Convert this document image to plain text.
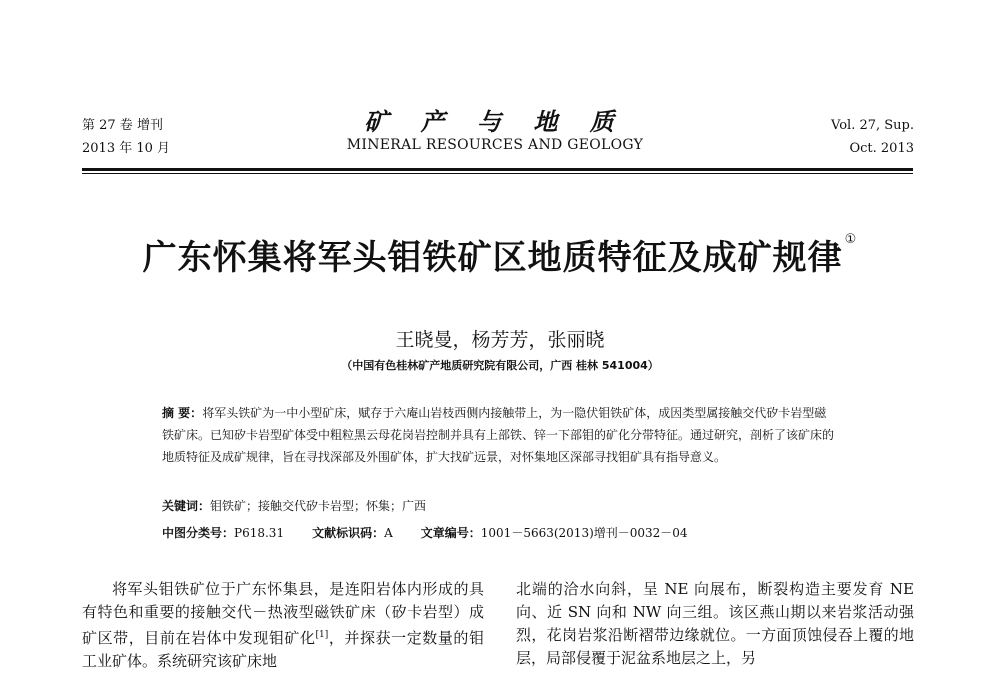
第 27 卷 增刊
2013 年 10 月
矿 产 与 地 质
MINERAL RESOURCES AND GEOLOGY
Vol. 27, Sup.
Oct. 2013
广东怀集将军头钼铁矿区地质特征及成矿规律 ①
王晓曼，杨芳芳，张丽晓
（中国有色桂林矿产地质研究院有限公司，广西 桂林 541004）
摘 要：将军头铁矿为一中小型矿床，赋存于六庵山岩枝西侧内接触带上，为一隐伏钼铁矿体，成因类型属接触交代矽卡岩型磁铁矿床。已知矽卡岩型矿体受中粗粒黑云母花岗岩控制并具有上部铁、锌一下部钼的矿化分带特征。通过研究，剖析了该矿床的地质特征及成矿规律，旨在寻找深部及外围矿体，扩大找矿远景，对怀集地区深部寻找钼矿具有指导意义。
关键词：钼铁矿；接触交代矽卡岩型；怀集；广西
中图分类号：P618.31 文献标识码：A 文章编号：1001－5663(2013)增刊－0032－04

将军头钼铁矿位于广东怀集县，是连阳岩体内形成的具有特色和重要的接触交代－热液型磁铁矿床（矽卡岩型）成矿区带，目前在岩体中发现钼矿化[1]，并探获一定数量的钼工业矿体。系统研究该矿床地

北端的洽水向斜，呈 NE 向展布，断裂构造主要发育 NE 向、近 SN 向和 NW 向三组。该区燕山期以来岩浆活动强烈，花岗岩浆沿断褶带边缘就位。一方面顶蚀侵吞上覆的地层，局部侵覆于泥盆系地层之上，另
